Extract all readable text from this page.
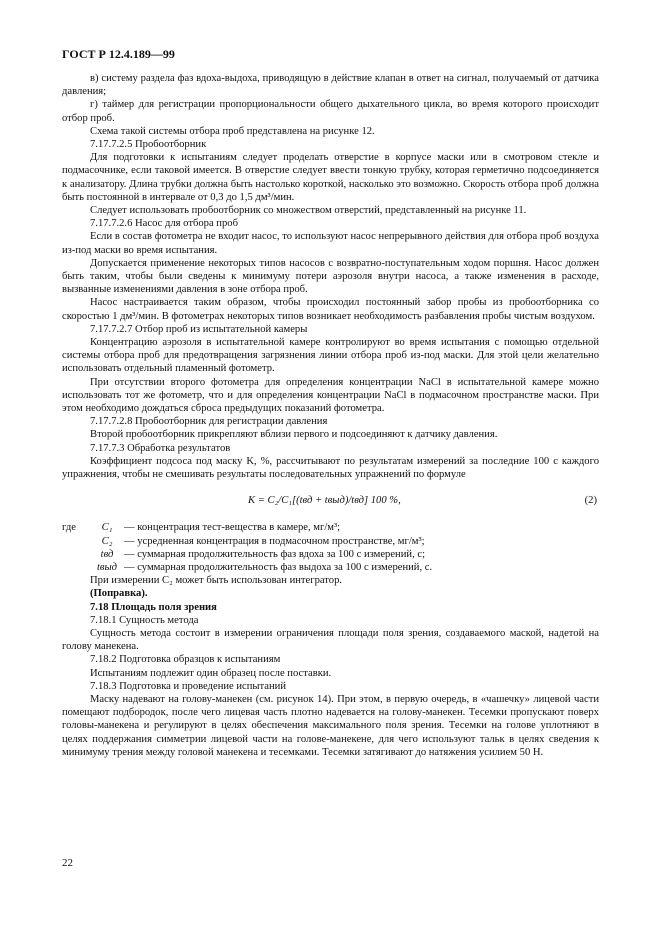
ГОСТ Р 12.4.189—99

в) систему раздела фаз вдоха-выдоха, приводящую в действие клапан в ответ на сигнал, получаемый от датчика давления;

г) таймер для регистрации пропорциональности общего дыхательного цикла, во время которого происходит отбор проб.

Схема такой системы отбора проб представлена на рисунке 12.

7.17.7.2.5 Пробоотборник

Для подготовки к испытаниям следует проделать отверстие в корпусе маски или в смотровом стекле и подмасочнике, если таковой имеется. В отверстие следует ввести тонкую трубку, которая герметично подсоединяется к анализатору. Длина трубки должна быть настолько короткой, насколько это возможно. Скорость отбора проб должна быть постоянной в интервале от 0,3 до 1,5 дм³/мин.

Следует использовать пробоотборник со множеством отверстий, представленный на рисунке 11.

7.17.7.2.6 Насос для отбора проб

Если в состав фотометра не входит насос, то используют насос непрерывного действия для отбора проб воздуха из-под маски во время испытания.

Допускается применение некоторых типов насосов с возвратно-поступательным ходом поршня. Насос должен быть таким, чтобы были сведены к минимуму потери аэрозоля внутри насоса, а также изменения в расходе, вызванные изменениями давления в зоне отбора проб.

Насос настраивается таким образом, чтобы происходил постоянный забор пробы из пробоотборника со скоростью 1 дм³/мин. В фотометрах некоторых типов возникает необходимость разбавления пробы чистым воздухом.

7.17.7.2.7 Отбор проб из испытательной камеры

Концентрацию аэрозоля в испытательной камере контролируют во время испытания с помощью отдельной системы отбора проб для предотвращения загрязнения линии отбора проб из-под маски. Для этой цели желательно использовать отдельный пламенный фотометр.

При отсутствии второго фотометра для определения концентрации NaCl в испытательной камере можно использовать тот же фотометр, что и для определения концентрации NaCl в подмасочном пространстве маски. При этом необходимо дождаться сброса предыдущих показаний фотометра.

7.17.7.2.8 Пробоотборник для регистрации давления

Второй пробоотборник прикрепляют вблизи первого и подсоединяют к датчику давления.

7.17.7.3 Обработка результатов

Коэффициент подсоса под маску K, %, рассчитывают по результатам измерений за последние 100 с каждого упражнения, чтобы не смешивать результаты последовательных упражнений по формуле

K = C₂/C₁[(tвд + tвыд)/tвд] 100 %,	(2)
где	C₁	— концентрация тест-вещества в камере, мг/м³;
C₂	— усредненная концентрация в подмасочном пространстве, мг/м³;
tвд	— суммарная продолжительность фаз вдоха за 100 с измерений, с;
tвыд — суммарная продолжительность фаз выдоха за 100 с измерений, с.

При измерении C₂ может быть использован интегратор.

(Поправка).

7.18 Площадь поля зрения

7.18.1 Сущность метода

Сущность метода состоит в измерении ограничения площади поля зрения, создаваемого маской, надетой на голову манекена.

7.18.2 Подготовка образцов к испытаниям

Испытаниям подлежит один образец после поставки.

7.18.3 Подготовка и проведение испытаний

Маску надевают на голову-манекен (см. рисунок 14). При этом, в первую очередь, в «чашечку» лицевой части помещают подбородок, после чего лицевая часть плотно надевается на голову-манекен. Тесемки пропускают поверх головы-манекена и регулируют в целях обеспечения максимального поля зрения. Тесемки на голове уплотняют в целях поддержания симметрии лицевой части на голове-манекене, для чего используют тальк в целях сведения к минимуму трения между головой манекена и тесемками. Тесемки затягивают до натяжения усилием 50 Н.

22
